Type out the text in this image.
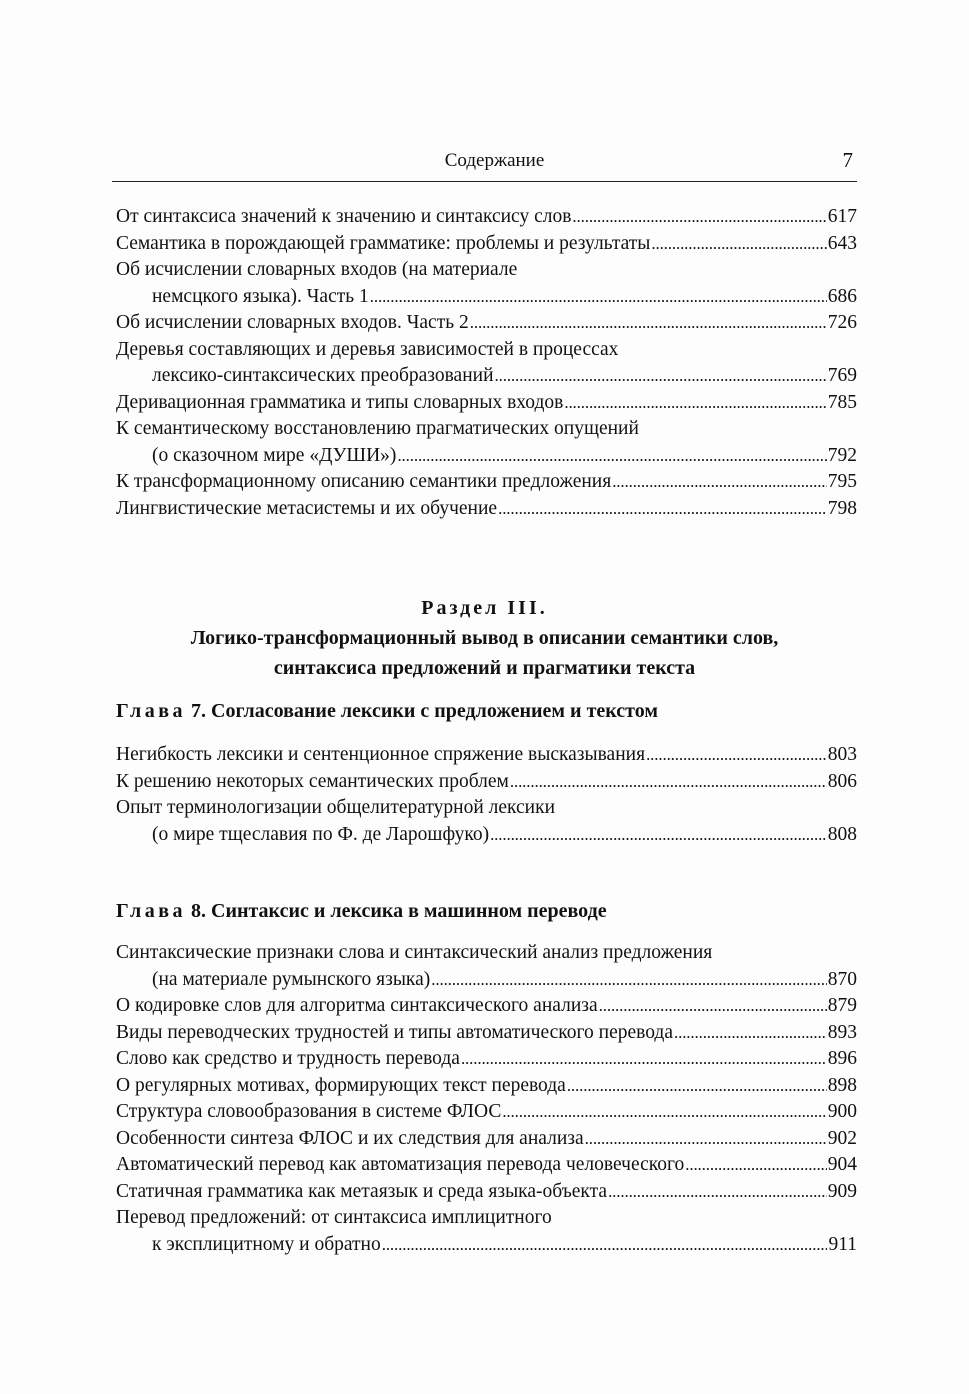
Содержание	7
От синтаксиса значений к значению и синтаксису слов . . .	617
Семантика в порождающей грамматике: проблемы и результаты . . .	643
Об исчислении словарных входов (на материале
немсцкого языка). Часть 1 . . .	686
Об исчислении словарных входов. Часть 2 . . .	726
Деревья составляющих и деревья зависимостей в процессах
лексико-синтаксических преобразований . . .	769
Деривационная грамматика и типы словарных входов . . .	785
К семантическому восстановлению прагматических опущений
(о сказочном мире «ДУШИ») . . .	792
К трансформационному описанию семантики предложения . . .	795
Лингвистические метасистемы и их обучение . . .	798
Раздел III.
Логико-трансформационный вывод в описании семантики слов,
синтаксиса предложений и прагматики текста
Глава 7. Согласование лексики с предложением и текстом
Негибкость лексики и сентенционное спряжение высказывания . . .	803
К решению некоторых семантических проблем . . .	806
Опыт терминологизации общелитературной лексики
(о мире тщеславия по Ф. де Ларошфуко) . . .	808
Глава 8. Синтаксис и лексика в машинном переводе
Синтаксические признаки слова и синтаксический анализ предложения
(на материале румынского языка) . . .	870
О кодировке слов для алгоритма синтаксического анализа . . .	879
Виды переводческих трудностей и типы автоматического перевода . . .	893
Слово как средство и трудность перевода . . .	896
О регулярных мотивах, формирующих текст перевода . . .	898
Структура словообразования в системе ФЛОС . . .	900
Особенности синтеза ФЛОС и их следствия для анализа . . .	902
Автоматический перевод как автоматизация перевода человеческого . . .	904
Статичная грамматика как метаязык и среда языка-объекта . . .	909
Перевод предложений: от синтаксиса имплицитного
к эксплицитному и обратно . . .	911
